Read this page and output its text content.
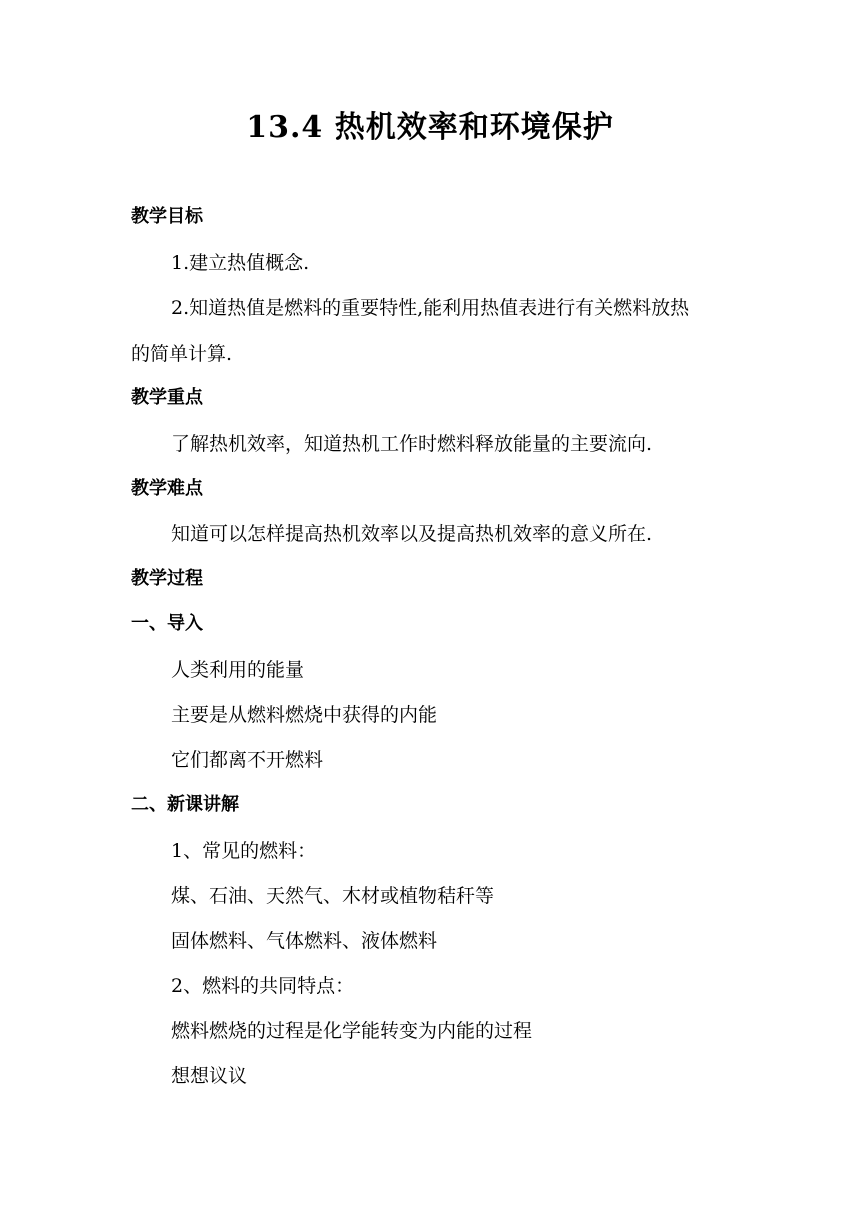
13.4 热机效率和环境保护
教学目标
1.建立热值概念.
2.知道热值是燃料的重要特性,能利用热值表进行有关燃料放热
的简单计算.
教学重点
了解热机效率，知道热机工作时燃料释放能量的主要流向.
教学难点
知道可以怎样提高热机效率以及提高热机效率的意义所在.
教学过程
一、导入
人类利用的能量
主要是从燃料燃烧中获得的内能
它们都离不开燃料
二、新课讲解
1、常见的燃料：
煤、石油、天然气、木材或植物秸秆等
固体燃料、气体燃料、液体燃料
2、燃料的共同特点：
燃料燃烧的过程是化学能转变为内能的过程
想想议议
